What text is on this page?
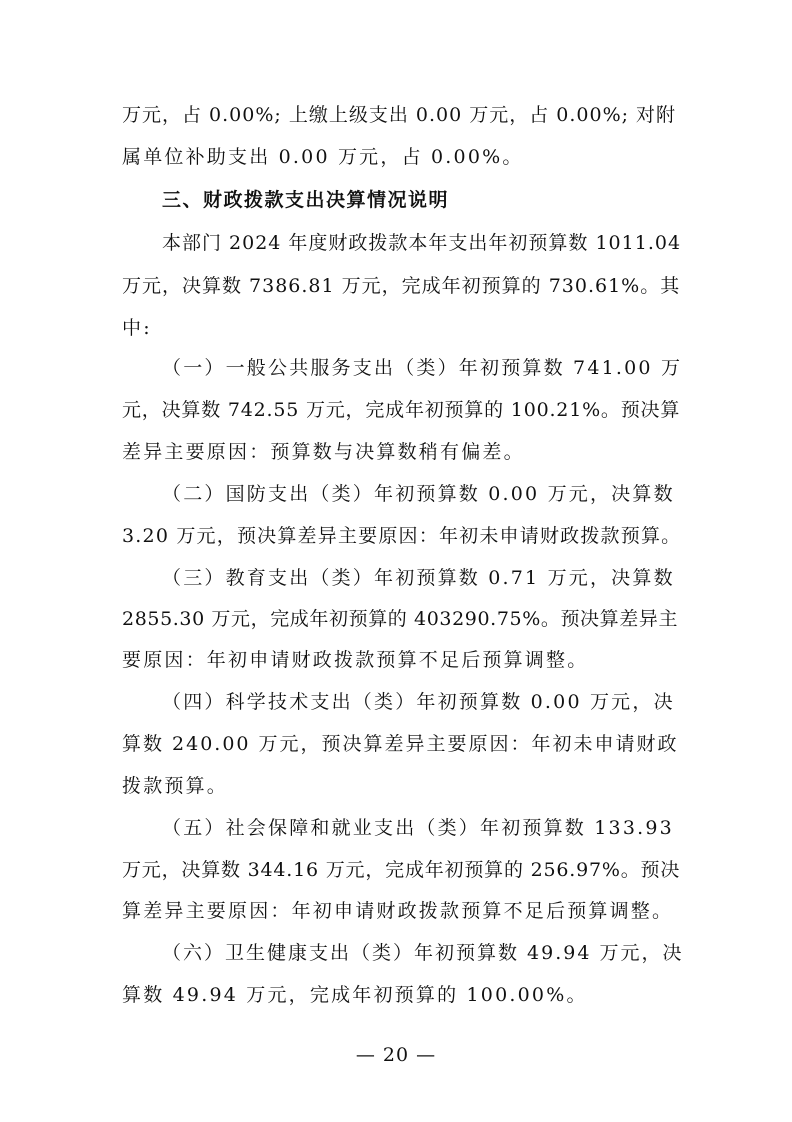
万元，占 0.00%; 上缴上级支出 0.00 万元，占 0.00%; 对附
属单位补助支出 0.00 万元，占 0.00%。
三、财政拨款支出决算情况说明
本部门 2024 年度财政拨款本年支出年初预算数 1011.04
万元，决算数 7386.81 万元，完成年初预算的 730.61%。其
中:
（一）一般公共服务支出（类）年初预算数 741.00 万
元，决算数 742.55 万元，完成年初预算的 100.21%。预决算
差异主要原因：预算数与决算数稍有偏差。
（二）国防支出（类）年初预算数 0.00 万元，决算数
3.20 万元，预决算差异主要原因：年初未申请财政拨款预算。
（三）教育支出（类）年初预算数 0.71 万元，决算数
2855.30 万元，完成年初预算的 403290.75%。预决算差异主
要原因：年初申请财政拨款预算不足后预算调整。
（四）科学技术支出（类）年初预算数 0.00 万元，决
算数 240.00 万元，预决算差异主要原因：年初未申请财政
拨款预算。
（五）社会保障和就业支出（类）年初预算数 133.93
万元，决算数 344.16 万元，完成年初预算的 256.97%。预决
算差异主要原因：年初申请财政拨款预算不足后预算调整。
（六）卫生健康支出（类）年初预算数 49.94 万元，决
算数 49.94 万元，完成年初预算的 100.00%。
— 20 —
